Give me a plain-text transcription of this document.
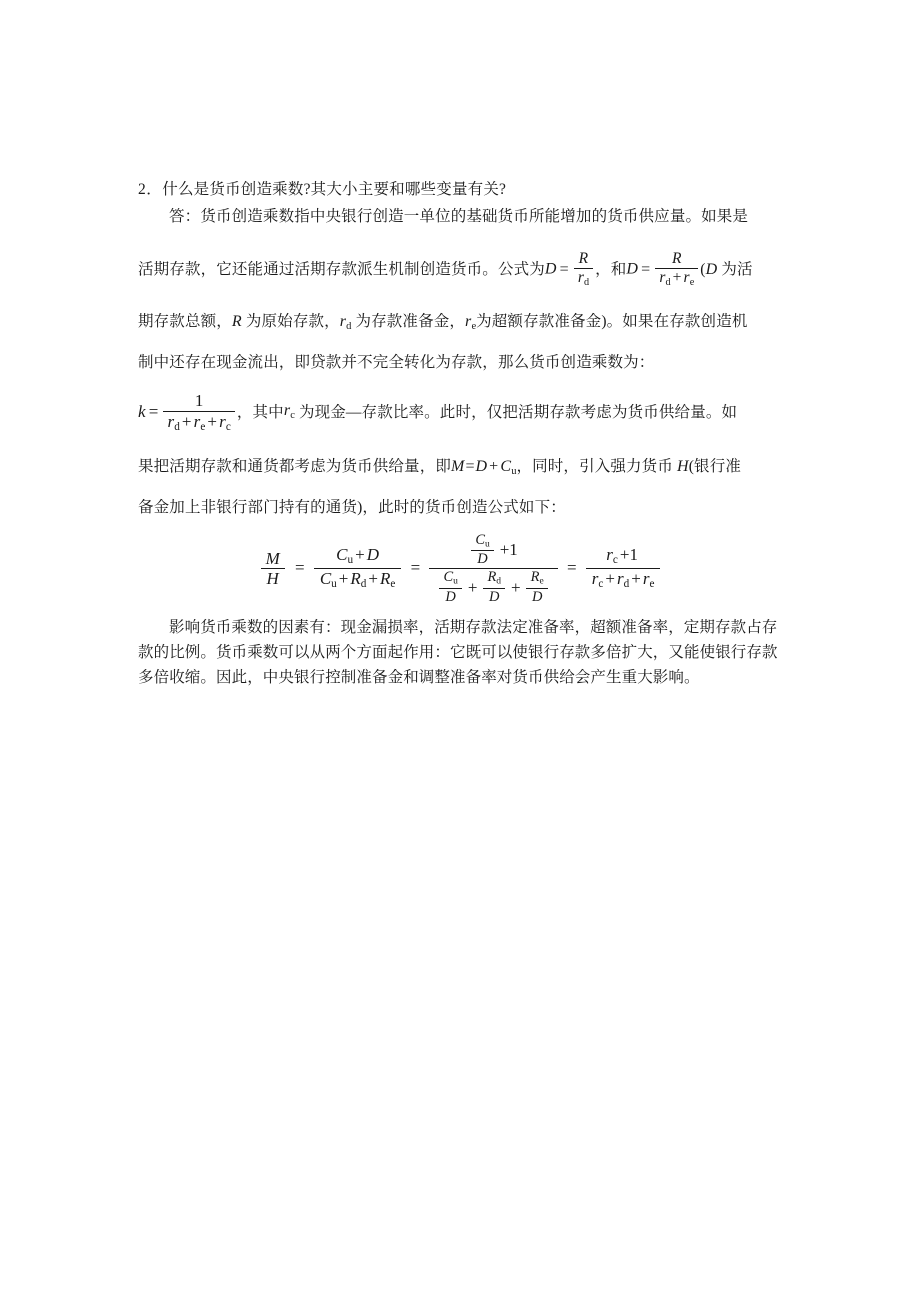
2．什么是货币创造乘数?其大小主要和哪些变量有关?
答：货币创造乘数指中央银行创造一单位的基础货币所能增加的货币供应量。如果是
活期存款，它还能通过活期存款派生机制创造货币。公式为 $D = \frac{R}{r_d}$ ， 和 $D = \frac{R}{r_d + r_e}$ ( D
为活
期存款总额，R 为原始存款，$r_d$ 为存款准备金，$r_e$为超额存款准备金)。如果在存款创造机
制中还存在现金流出，即贷款并不完全转化为存款，那么货币创造乘数为：
$k = \frac{1}{r_d + r_e + r_c}$ ， 其中 $r_c$
为现金—存款比率。此时，仅把活期存款考虑为货币供给量。如
果把活期存款和通货都考虑为货币供给量，即$M=D + C_u$，同时，引入强力货币 H(银行准
备金加上非银行部门持有的通货)，此时的货币创造公式如下：
$\frac{M}{H} = \frac{C_u + D}{C_u + R_d + R_e}$ =	$\frac{C_u}{D} +1$
$\frac{C_u}{D} + \frac{R_d}{D} + \frac{R_e}{D}$
= $\frac{r_c +1}{r_c + r_d + r_e}$

影响货币乘数的因素有：现金漏损率，活期存款法定准备率，超额准备率，定期存款占存款的比例。货币乘数可以从两个方面起作用：它既可以使银行存款多倍扩大，又能使银行存款多倍收缩。因此，中央银行控制准备金和调整准备率对货币供给会产生重大影响。
